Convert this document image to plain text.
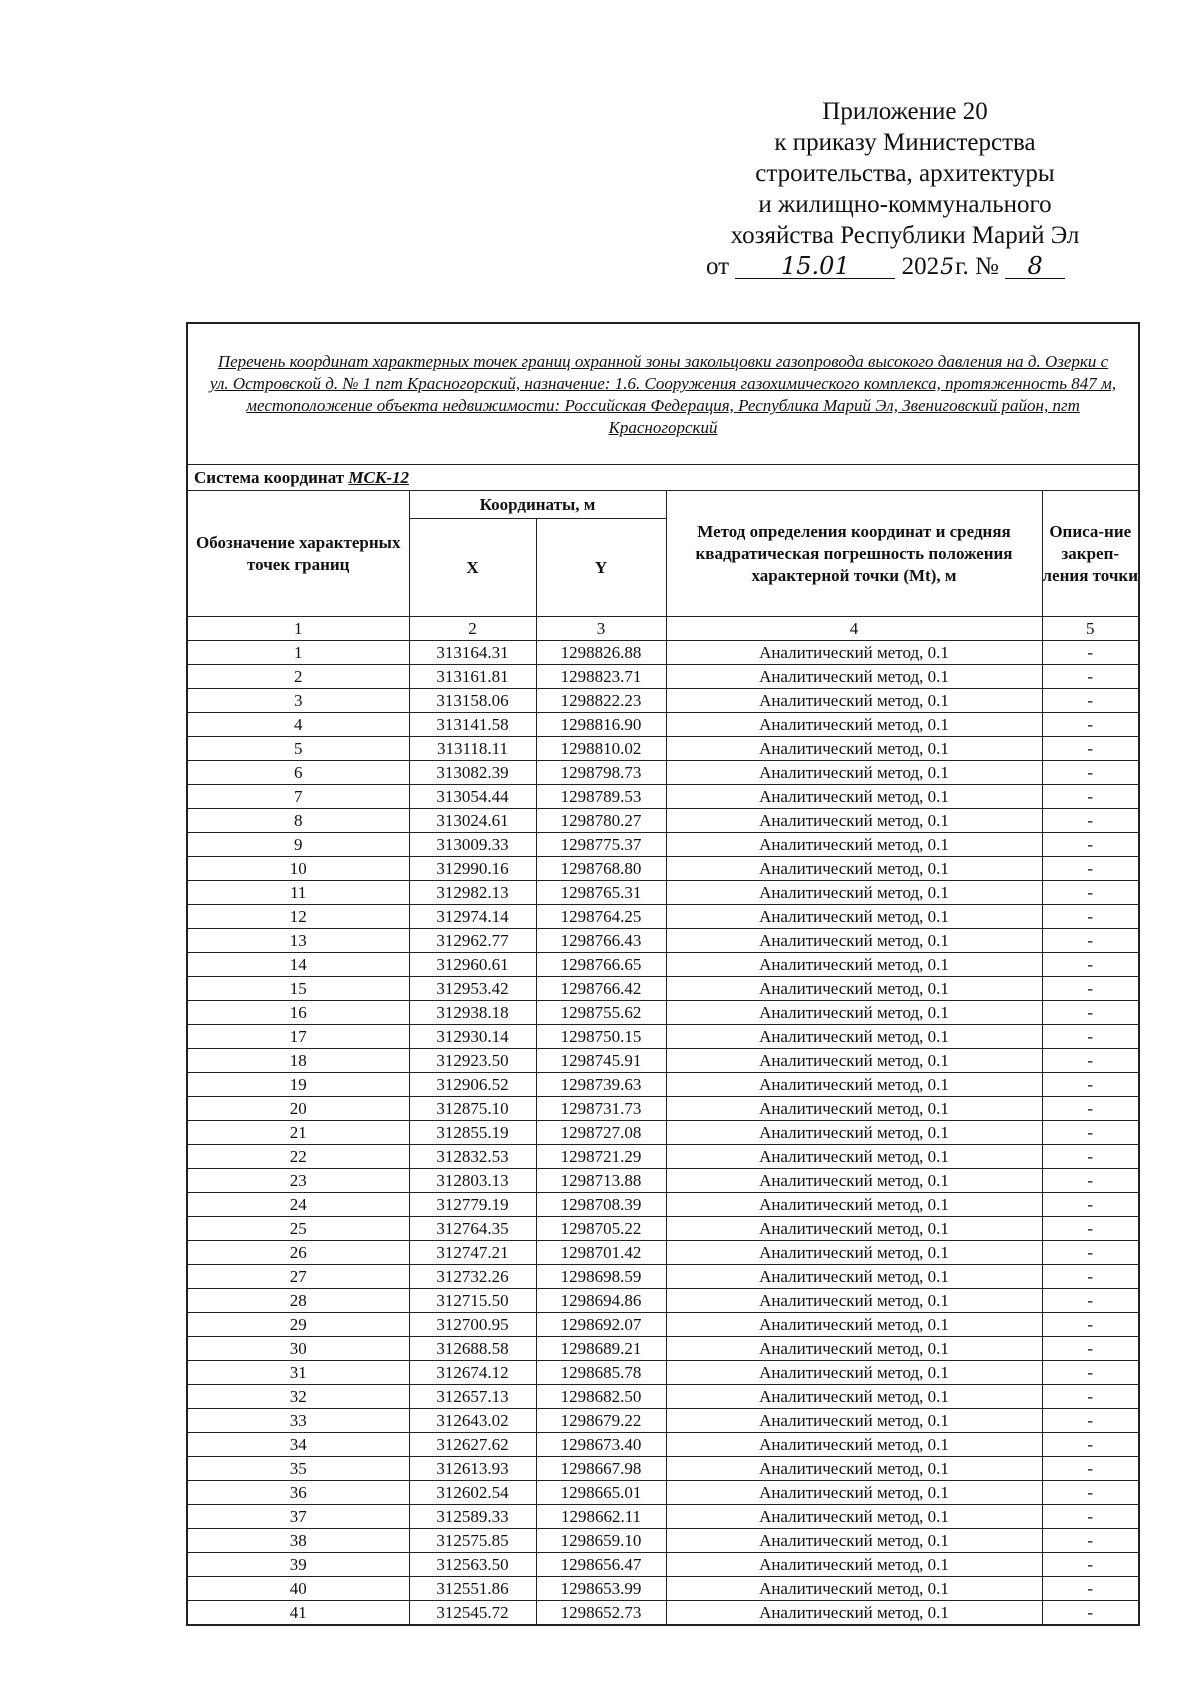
Приложение 20
к приказу Министерства
строительства, архитектуры
и жилищно-коммунального
хозяйства Республики Марий Эл
от 15.01 2025г. № 8
Перечень координат характерных точек границ охранной зоны закольцовки газопровода высокого давления на д. Озерки с ул. Островской д. № 1 пгт Красногорский, назначение: 1.6. Сооружения газохимического комплекса, протяженность 847 м, местоположение объекта недвижимости: Российская Федерация, Республика Марий Эл, Звениговский район, пгт Красногорский				
Система координат МСК-12				
Обозначение характерных точек границ	Координаты, м		Метод определения координат и средняя квадратическая погрешность положения характерной точки (Mt), м	Описа-ние закреп-ления точки
	X	Y		
1	2	3	4	5
1	313164.31	1298826.88	Аналитический метод, 0.1	-
2	313161.81	1298823.71	Аналитический метод, 0.1	-
3	313158.06	1298822.23	Аналитический метод, 0.1	-
4	313141.58	1298816.90	Аналитический метод, 0.1	-
5	313118.11	1298810.02	Аналитический метод, 0.1	-
6	313082.39	1298798.73	Аналитический метод, 0.1	-
7	313054.44	1298789.53	Аналитический метод, 0.1	-
8	313024.61	1298780.27	Аналитический метод, 0.1	-
9	313009.33	1298775.37	Аналитический метод, 0.1	-
10	312990.16	1298768.80	Аналитический метод, 0.1	-
11	312982.13	1298765.31	Аналитический метод, 0.1	-
12	312974.14	1298764.25	Аналитический метод, 0.1	-
13	312962.77	1298766.43	Аналитический метод, 0.1	-
14	312960.61	1298766.65	Аналитический метод, 0.1	-
15	312953.42	1298766.42	Аналитический метод, 0.1	-
16	312938.18	1298755.62	Аналитический метод, 0.1	-
17	312930.14	1298750.15	Аналитический метод, 0.1	-
18	312923.50	1298745.91	Аналитический метод, 0.1	-
19	312906.52	1298739.63	Аналитический метод, 0.1	-
20	312875.10	1298731.73	Аналитический метод, 0.1	-
21	312855.19	1298727.08	Аналитический метод, 0.1	-
22	312832.53	1298721.29	Аналитический метод, 0.1	-
23	312803.13	1298713.88	Аналитический метод, 0.1	-
24	312779.19	1298708.39	Аналитический метод, 0.1	-
25	312764.35	1298705.22	Аналитический метод, 0.1	-
26	312747.21	1298701.42	Аналитический метод, 0.1	-
27	312732.26	1298698.59	Аналитический метод, 0.1	-
28	312715.50	1298694.86	Аналитический метод, 0.1	-
29	312700.95	1298692.07	Аналитический метод, 0.1	-
30	312688.58	1298689.21	Аналитический метод, 0.1	-
31	312674.12	1298685.78	Аналитический метод, 0.1	-
32	312657.13	1298682.50	Аналитический метод, 0.1	-
33	312643.02	1298679.22	Аналитический метод, 0.1	-
34	312627.62	1298673.40	Аналитический метод, 0.1	-
35	312613.93	1298667.98	Аналитический метод, 0.1	-
36	312602.54	1298665.01	Аналитический метод, 0.1	-
37	312589.33	1298662.11	Аналитический метод, 0.1	-
38	312575.85	1298659.10	Аналитический метод, 0.1	-
39	312563.50	1298656.47	Аналитический метод, 0.1	-
40	312551.86	1298653.99	Аналитический метод, 0.1	-
41	312545.72	1298652.73	Аналитический метод, 0.1	-
